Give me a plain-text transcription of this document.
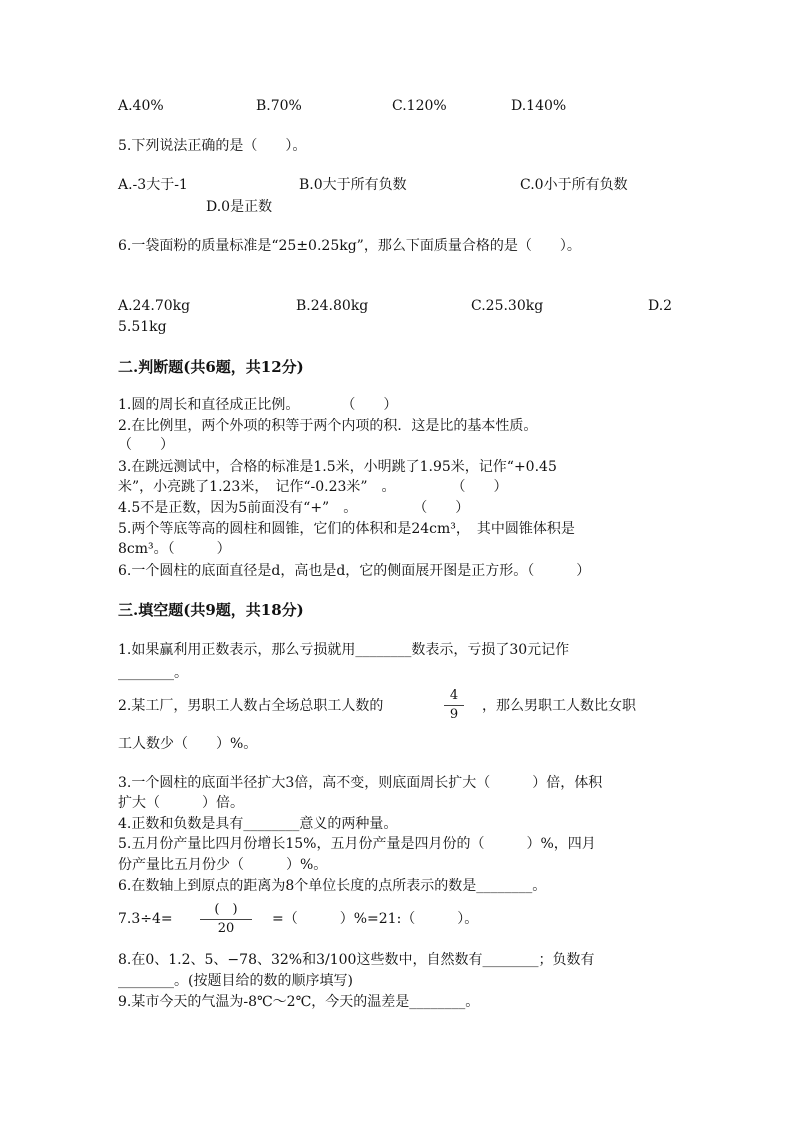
A.40%	B.70%	C.120%	D.140%
5.下列说法正确的是（　　）。
A.-3大于-1	B.0大于所有负数	C.0小于所有负数
D.0是正数
6.一袋面粉的质量标准是“25±0.25kg”，那么下面质量合格的是（　　）。
A.24.70kg	B.24.80kg	C.25.30kg	D.2
5.51kg
二.判断题(共6题，共12分)
1.圆的周长和直径成正比例。　　　　（　　）
2.在比例里，两个外项的积等于两个内项的积．这是比的基本性质。
（　　）
3.在跳远测试中，合格的标准是1.5米，小明跳了1.95米，记作“+0.45
米”，小亮跳了1.23米，　记作“-0.23米”　。　　　　　（　　）
4.5不是正数，因为5前面没有“+”　。　　　　　（　　）
5.两个等底等高的圆柱和圆锥，它们的体积和是24cm³，　其中圆锥体积是
8cm³。（　　　）
6.一个圆柱的底面直径是d，高也是d，它的侧面展开图是正方形。（　　　）
三.填空题(共9题，共18分)
1.如果赢利用正数表示，那么亏损就用________数表示，亏损了30元记作
________。
2.某工厂，男职工人数占全场总职工人数的
4
9
，那么男职工人数比女职
工人数少（　　）%。
3.一个圆柱的底面半径扩大3倍，高不变，则底面周长扩大（　　　）倍，体积
扩大（　　　）倍。
4.正数和负数是具有________意义的两种量。
5.五月份产量比四月份增长15%，五月份产量是四月份的（　　　）%，四月
份产量比五月份少（　　　）%。
6.在数轴上到原点的距离为8个单位长度的点所表示的数是________。
7.3÷4=
(　)
20
=（　　　）%=21:（　　　）。
8.在0、1.2、5、−78、32%和3/100这些数中，自然数有________；负数有
________。(按题目给的数的顺序填写)
9.某市今天的气温为-8℃～2℃，今天的温差是________。
